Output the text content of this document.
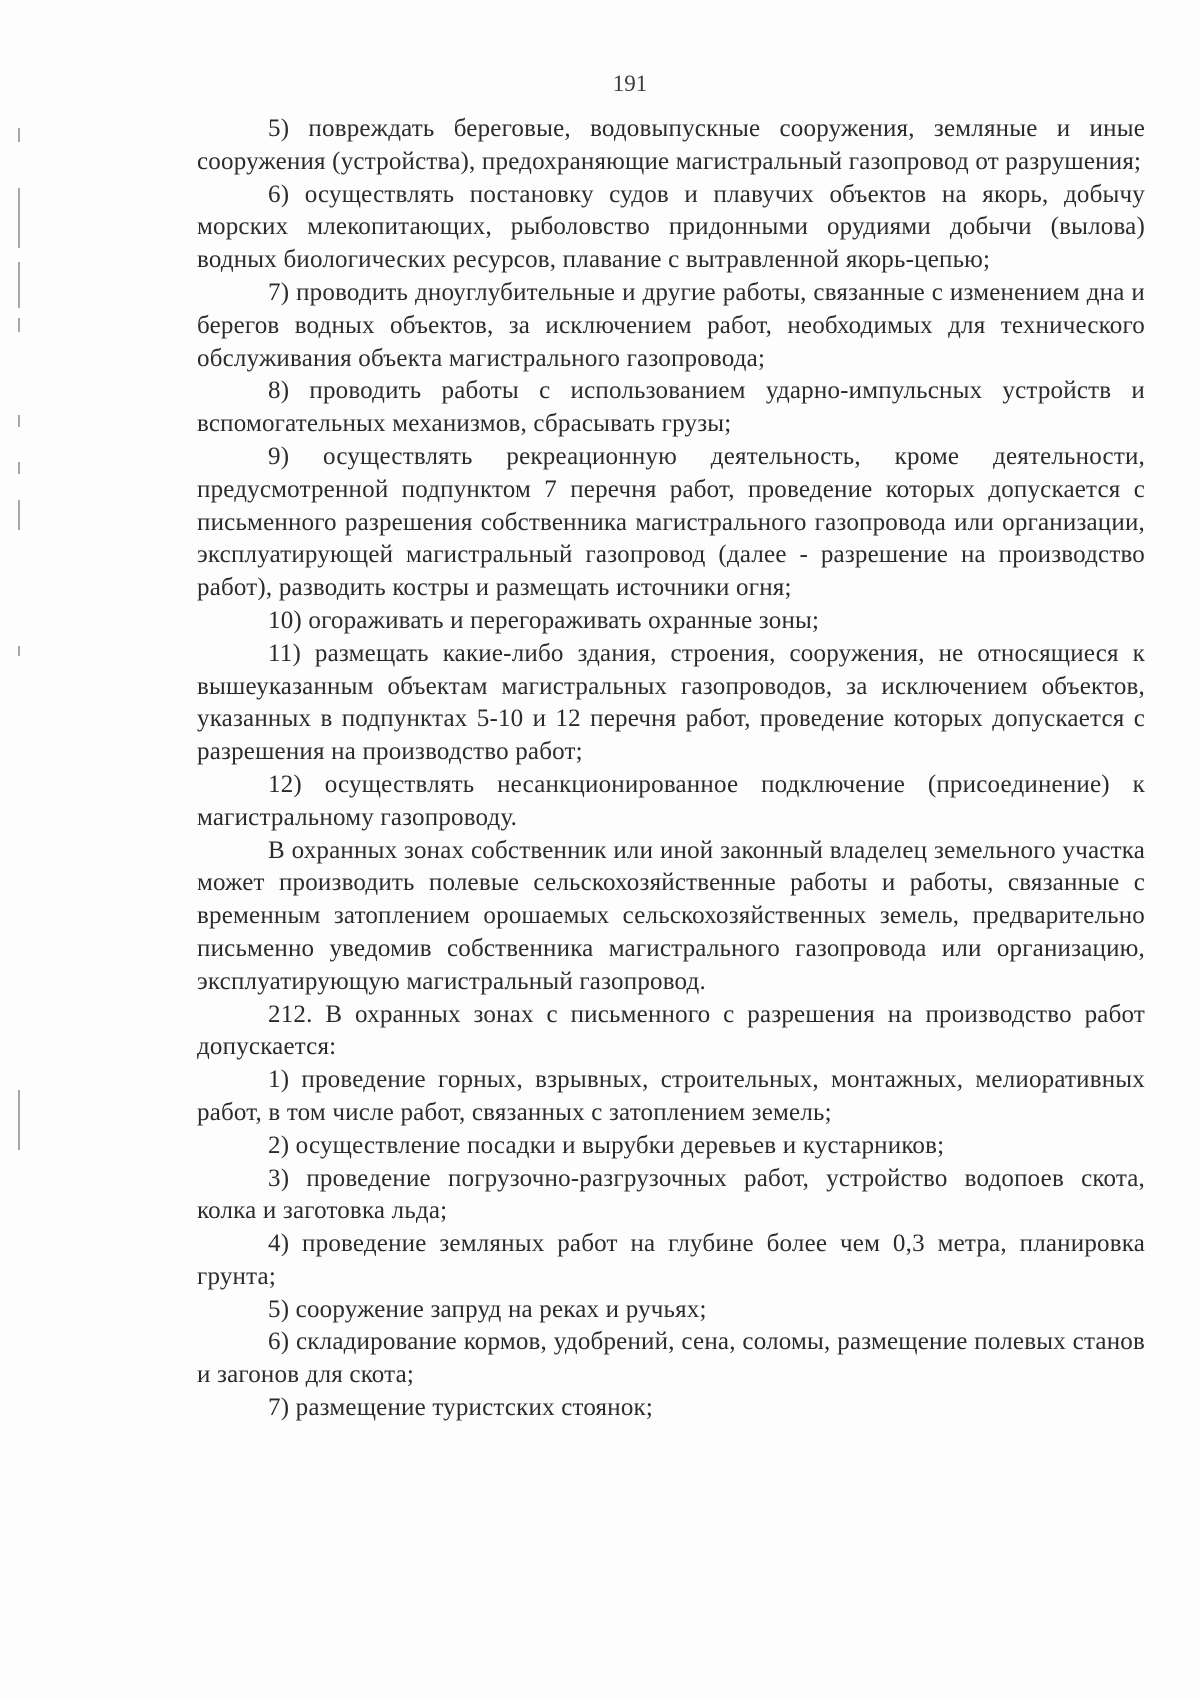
191

5) повреждать береговые, водовыпускные сооружения, земляные и иные сооружения (устройства), предохраняющие магистральный газопровод от разрушения;

6) осуществлять постановку судов и плавучих объектов на якорь, добычу морских млекопитающих, рыболовство придонными орудиями добычи (вылова) водных биологических ресурсов, плавание с вытравленной якорь-цепью;

7) проводить дноуглубительные и другие работы, связанные с изменением дна и берегов водных объектов, за исключением работ, необходимых для технического обслуживания объекта магистрального газопровода;

8) проводить работы с использованием ударно-импульсных устройств и вспомогательных механизмов, сбрасывать грузы;

9) осуществлять рекреационную деятельность, кроме деятельности, предусмотренной подпунктом 7 перечня работ, проведение которых допускается с письменного разрешения собственника магистрального газопровода или организации, эксплуатирующей магистральный газопровод (далее - разрешение на производство работ), разводить костры и размещать источники огня;

10) огораживать и перегораживать охранные зоны;

11) размещать какие-либо здания, строения, сооружения, не относящиеся к вышеуказанным объектам магистральных газопроводов, за исключением объектов, указанных в подпунктах 5-10 и 12 перечня работ, проведение которых допускается с разрешения на производство работ;

12) осуществлять несанкционированное подключение (присоединение) к магистральному газопроводу.

В охранных зонах собственник или иной законный владелец земельного участка может производить полевые сельскохозяйственные работы и работы, связанные с временным затоплением орошаемых сельскохозяйственных земель, предварительно письменно уведомив собственника магистрального газопровода или организацию, эксплуатирующую магистральный газопровод.

212. В охранных зонах с письменного с разрешения на производство работ допускается:

1) проведение горных, взрывных, строительных, монтажных, мелиоративных работ, в том числе работ, связанных с затоплением земель;

2) осуществление посадки и вырубки деревьев и кустарников;

3) проведение погрузочно-разгрузочных работ, устройство водопоев скота, колка и заготовка льда;

4) проведение земляных работ на глубине более чем 0,3 метра, планировка грунта;

5) сооружение запруд на реках и ручьях;

6) складирование кормов, удобрений, сена, соломы, размещение полевых станов и загонов для скота;

7) размещение туристских стоянок;
